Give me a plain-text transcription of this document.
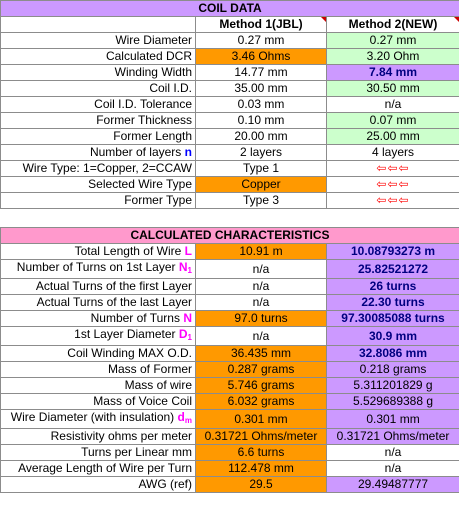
COIL DATA		
	Method 1(JBL)	Method 2(NEW)
Wire Diameter	0.27 mm	0.27 mm
Calculated DCR	3.46 Ohms	3.20 Ohm
Winding Width	14.77 mm	7.84 mm
Coil I.D.	35.00 mm	30.50 mm
Coil I.D. Tolerance	0.03 mm	n/a
Former Thickness	0.10 mm	0.07 mm
Former Length	20.00 mm	25.00 mm
Number of layers n	2 layers	4 layers
Wire Type: 1=Copper, 2=CCAW	Type 1	⇦⇦⇦
Selected Wire Type	Copper	⇦⇦⇦
Former Type	Type 3	⇦⇦⇦

CALCULATED CHARACTERISTICS		
Total Length of Wire L	10.91 m	10.08793273 m
Number of Turns on 1st Layer $N_1$	n/a	25.82521272
Actual Turns of the first Layer	n/a	26 turns
Actual Turns of the last Layer	n/a	22.30 turns
Number of Turns N	97.0 turns	97.30085088 turns
1st Layer Diameter $D_1$	n/a	30.9 mm
Coil Winding MAX O.D.	36.435 mm	32.8086 mm
Mass of Former	0.287 grams	0.218 grams
Mass of wire	5.746 grams	5.311201829 g
Mass of Voice Coil	6.032 grams	5.529689388 g
Wire Diameter (with insulation) $d_m$	0.301 mm	0.301 mm
Resistivity ohms per meter	0.31721 Ohms/meter	0.31721 Ohms/meter
Turns per Linear mm	6.6 turns	n/a
Average Length of Wire per Turn	112.478 mm	n/a
AWG (ref)	29.5	29.49487777
